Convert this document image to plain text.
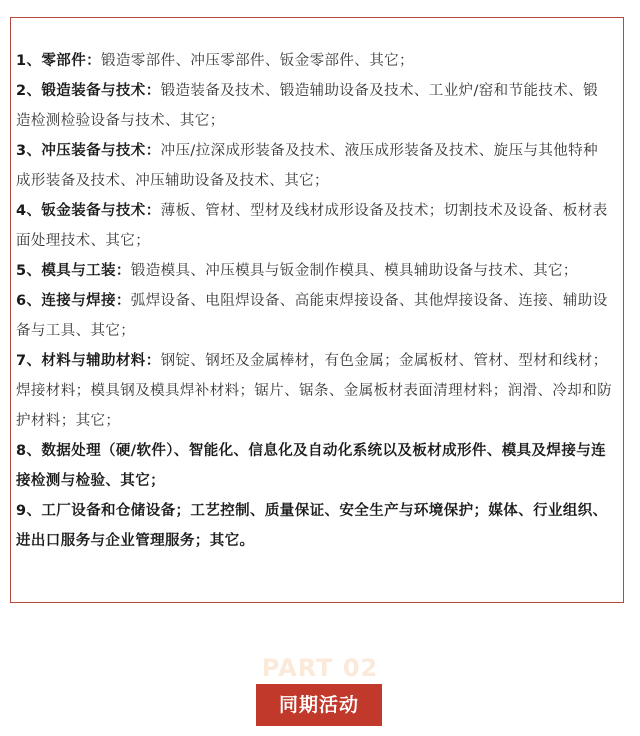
1、零部件：锻造零部件、冲压零部件、钣金零部件、其它；

2、锻造装备与技术：锻造装备及技术、锻造辅助设备及技术、工业炉/窑和节能技术、锻造检测检验设备与技术、其它；

3、冲压装备与技术：冲压/拉深成形装备及技术、液压成形装备及技术、旋压与其他特种成形装备及技术、冲压辅助设备及技术、其它；

4、钣金装备与技术：薄板、管材、型材及线材成形设备及技术；切割技术及设备、板材表面处理技术、其它；

5、模具与工装：锻造模具、冲压模具与钣金制作模具、模具辅助设备与技术、其它；

6、连接与焊接：弧焊设备、电阻焊设备、高能束焊接设备、其他焊接设备、连接、辅助设备与工具、其它；

7、材料与辅助材料：钢锭、钢坯及金属棒材，有色金属；金属板材、管材、型材和线材；焊接材料；模具钢及模具焊补材料；锯片、锯条、金属板材表面清理材料；润滑、冷却和防护材料；其它；

8、数据处理（硬/软件）、智能化、信息化及自动化系统以及板材成形件、模具及焊接与连接检测与检验、其它；

9、工厂设备和仓储设备；工艺控制、质量保证、安全生产与环境保护；媒体、行业组织、进出口服务与企业管理服务；其它。

PART 02
同期活动
